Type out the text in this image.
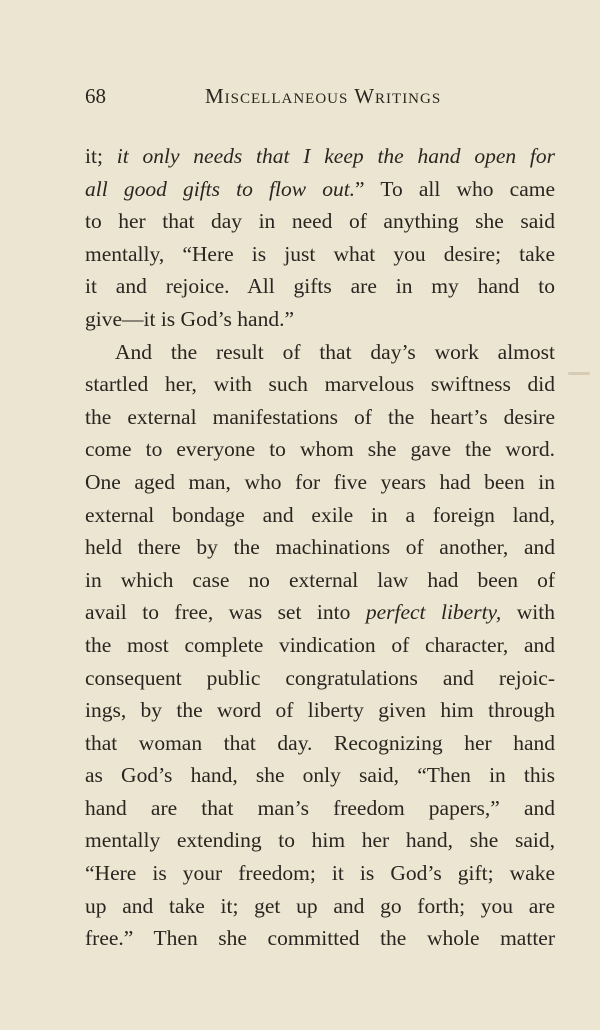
68	Miscellaneous Writings
it; it only needs that I keep the hand open for
all good gifts to flow out.” To all who came
to her that day in need of anything she said
mentally, “Here is just what you desire; take
it and rejoice. All gifts are in my hand to
give—it is God’s hand.”
And the result of that day’s work almost
startled her, with such marvelous swiftness did
the external manifestations of the heart’s desire
come to everyone to whom she gave the word.
One aged man, who for five years had been in
external bondage and exile in a foreign land,
held there by the machinations of another, and
in which case no external law had been of
avail to free, was set into perfect liberty, with
the most complete vindication of character, and
consequent public congratulations and rejoic-
ings, by the word of liberty given him through
that woman that day. Recognizing her hand
as God’s hand, she only said, “Then in this
hand are that man’s freedom papers,” and
mentally extending to him her hand, she said,
“Here is your freedom; it is God’s gift; wake
up and take it; get up and go forth; you are
free.” Then she committed the whole matter
